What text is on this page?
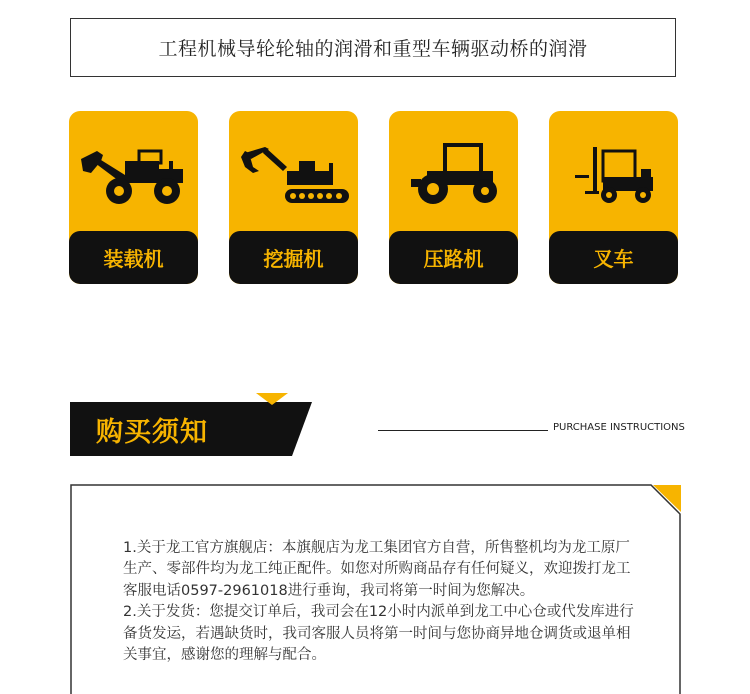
工程机械导轮轮轴的润滑和重型车辆驱动桥的润滑
装载机	挖掘机	压路机	叉车
购买须知	PURCHASE INSTRUCTIONS

1.关于龙工官方旗舰店：本旗舰店为龙工集团官方自营，所售整机均为龙工原厂生产、零部件均为龙工纯正配件。如您对所购商品存有任何疑义，欢迎拨打龙工客服电话0597-2961018进行垂询，我司将第一时间为您解决。

2.关于发货：您提交订单后，我司会在12小时内派单到龙工中心仓或代发库进行备货发运，若遇缺货时，我司客服人员将第一时间与您协商异地仓调货或退单相关事宜，感谢您的理解与配合。
